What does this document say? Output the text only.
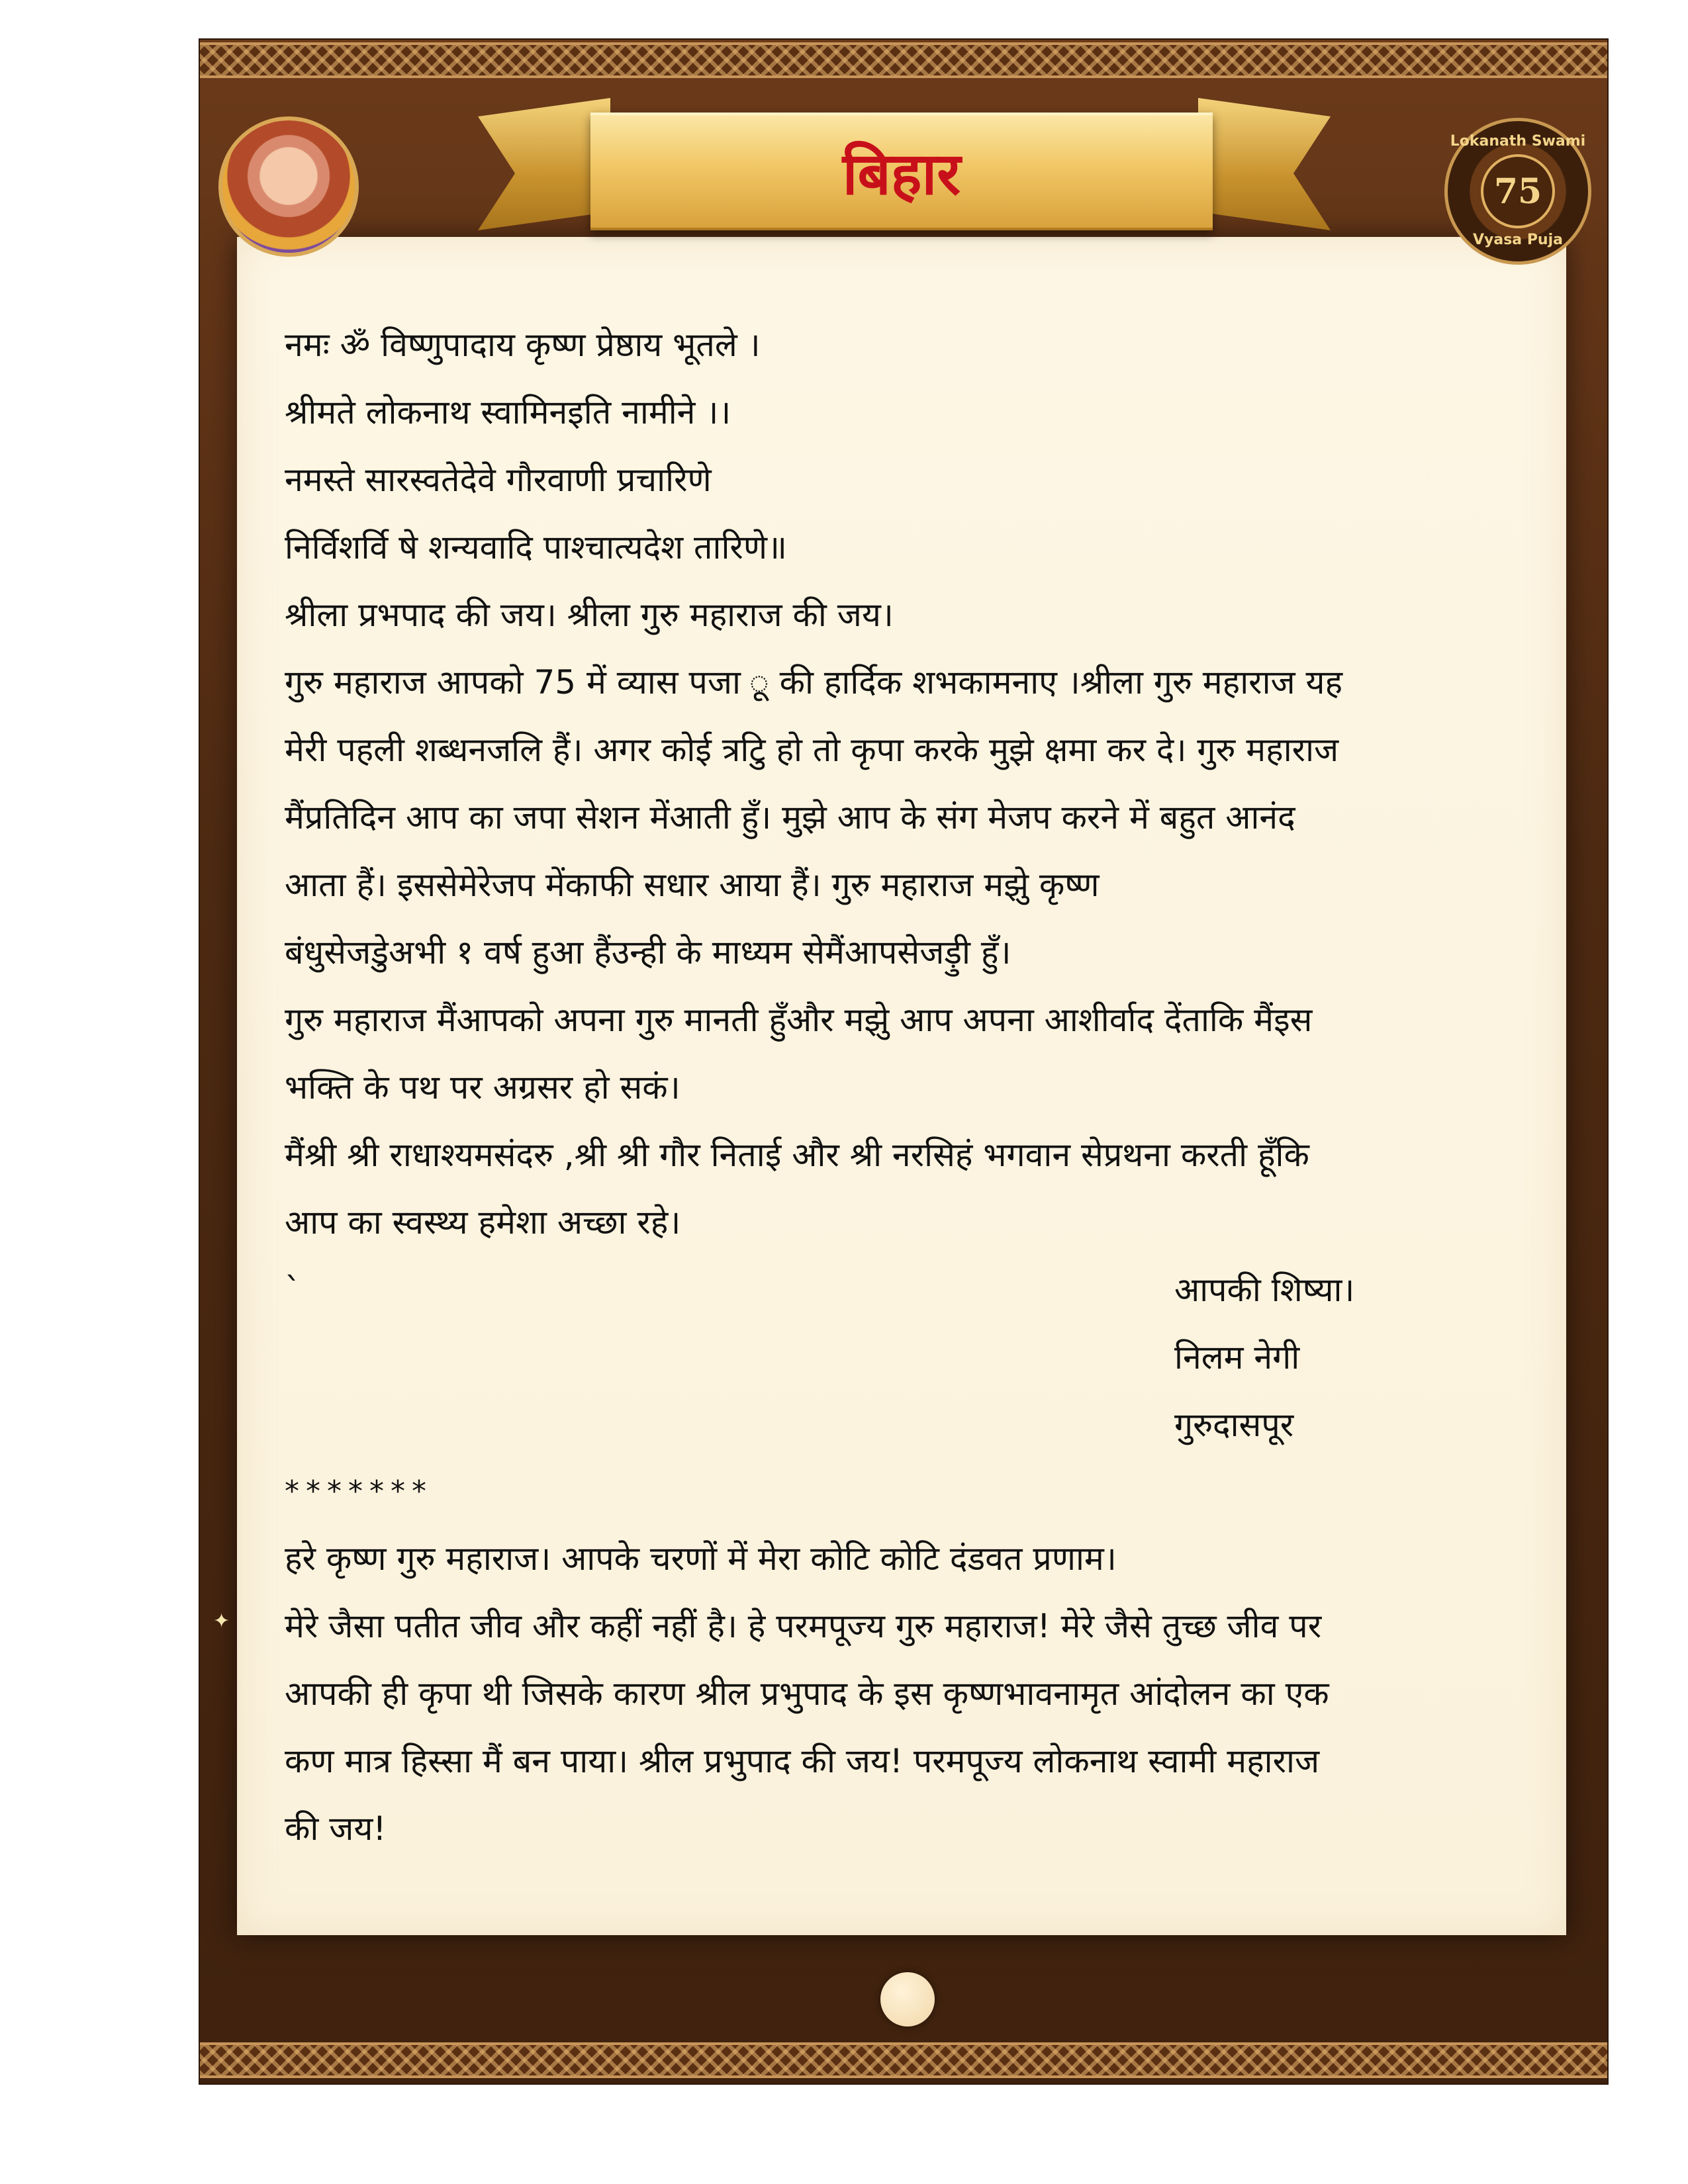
बिहार	Lokanath Swami
75
Vyasa Puja
✦
नमः ॐ विष्णुपादाय कृष्ण प्रेष्ठाय भूतले ।
श्रीमते लोकनाथ स्वामिनइति नामीने ।।
नमस्ते सारस्वतेदेवे गौरवाणी प्रचारिणे
निर्विशर्वि षे शन्यवादि पाश्चात्यदेश तारिणे॥
श्रीला प्रभपाद की जय। श्रीला गुरु महाराज की जय।
गुरु महाराज आपको 75 में व्यास पजा ू की हार्दिक शभकामनाए ।श्रीला गुरु महाराज यह
मेरी पहली शब्धनजलि हैं। अगर कोई त्रटिु हो तो कृपा करके मुझे क्षमा कर दे। गुरु महाराज
मैंप्रतिदिन आप का जपा सेशन मेंआती हुँ। मुझे आप के संग मेजप करने में बहुत आनंद
आता हैं। इससेमेरेजप मेंकाफी सधार आया हैं। गुरु महाराज मझुे कृष्ण
बंधुसेजडेुअभी १ वर्ष हुआ हैंउन्ही के माध्यम सेमैंआपसेजड़ुी हुँ।
गुरु महाराज मैंआपको अपना गुरु मानती हुँऔर मझुे आप अपना आशीर्वाद देंताकि मैंइस
भक्ति के पथ पर अग्रसर हो सकं।
मैंश्री श्री राधाश्यमसंदरु ,श्री श्री गौर निताई और श्री नरसिहं भगवान सेप्रथना करती हूँकि
आप का स्वस्थ्य हमेशा अच्छा रहे।
`	आपकी शिष्या।
निलम नेगी
गुरुदासपूर
*******
हरे कृष्ण गुरु महाराज। आपके चरणों में मेरा कोटि कोटि दंडवत प्रणाम।
मेरे जैसा पतीत जीव और कहीं नहीं है। हे परमपूज्य गुरु महाराज! मेरे जैसे तुच्छ जीव पर
आपकी ही कृपा थी जिसके कारण श्रील प्रभुपाद के इस कृष्णभावनामृत आंदोलन का एक
कण मात्र हिस्सा मैं बन पाया। श्रील प्रभुपाद की जय! परमपूज्य लोकनाथ स्वामी महाराज
की जय!
